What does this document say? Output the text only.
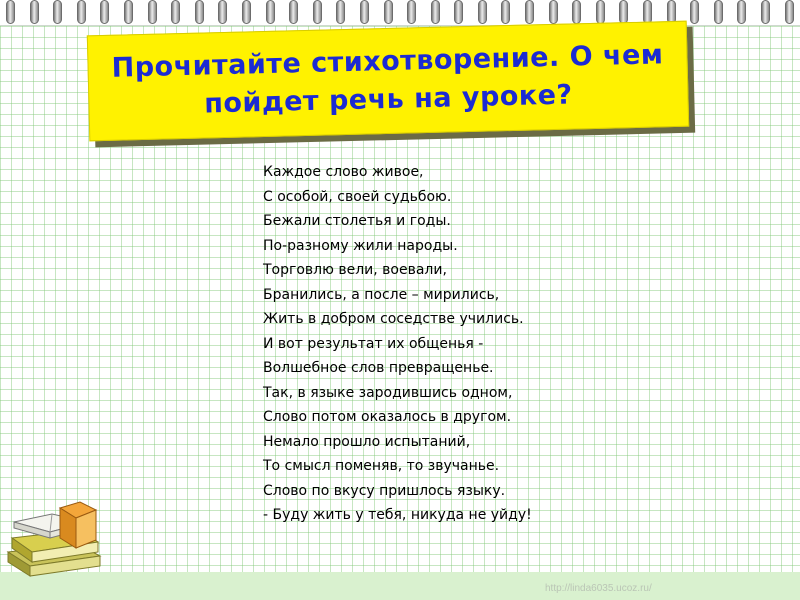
Прочитайте стихотворение. О чем пойдет речь на уроке?
Каждое слово живое,
С особой, своей судьбою.
Бежали столетья и годы.
По-разному жили народы.
Торговлю вели, воевали,
Бранились, а после – мирились,
Жить в добром соседстве учились.
И вот результат их общенья -
Волшебное слов превращенье.
Так, в языке зародившись одном,
Слово потом оказалось в другом.
Немало прошло испытаний,
То смысл поменяв, то звучанье.
Слово по вкусу пришлось языку.
- Буду жить у тебя, никуда не уйду!
http://linda6035.ucoz.ru/
